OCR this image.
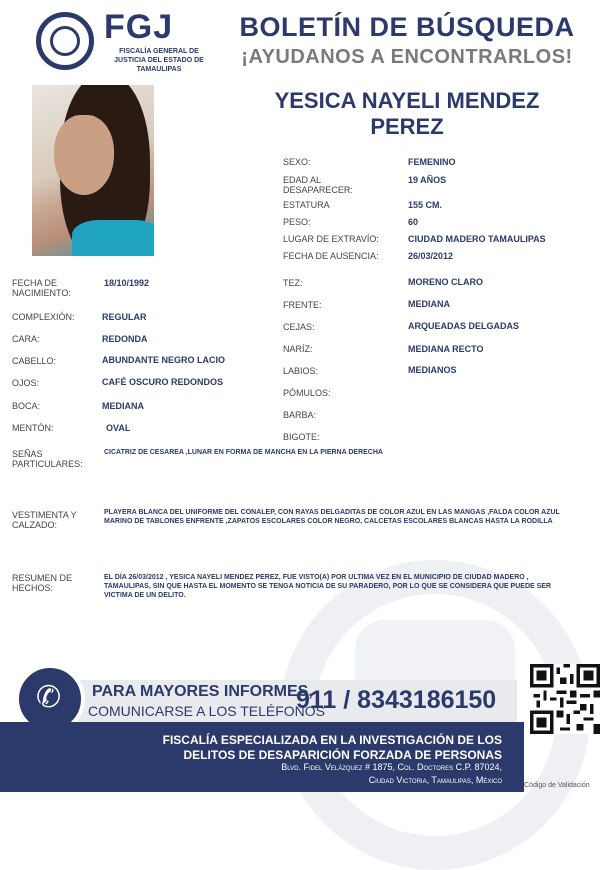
FGJ
FISCALÍA GENERAL DE JUSTICIA DEL ESTADO DE TAMAULIPAS
BOLETÍN DE BÚSQUEDA
¡AYUDANOS A ENCONTRARLOS!
YESICA NAYELI MENDEZ
PEREZ
SEXO:	FEMENINO
EDAD AL DESAPARECER:
19 AÑOS
ESTATURA	155 CM.
PESO:	60
LUGAR DE EXTRAVÍO:	CIUDAD MADERO TAMAULIPAS
FECHA DE AUSENCIA:	26/03/2012
FECHA DE NACIMIENTO:
18/10/1992
COMPLEXIÓN:	REGULAR
CARA:	REDONDA
CABELLO:	ABUNDANTE NEGRO LACIO
OJOS:	CAFÉ OSCURO REDONDOS
BOCA:	MEDIANA
MENTÓN:	OVAL
TEZ:	MORENO CLARO
FRENTE:	MEDIANA
CEJAS:	ARQUEADAS DELGADAS
NARÍZ:	MEDIANA RECTO
LABIOS:	MEDIANOS
PÓMULOS:
BARBA:
BIGOTE:
SEÑAS PARTICULARES:
CICATRIZ DE CESAREA ,LUNAR EN FORMA DE MANCHA EN LA PIERNA DERECHA
VESTIMENTA Y CALZADO:
PLAYERA BLANCA DEL UNIFORME DEL CONALEP, CON RAYAS DELGADITAS DE COLOR AZUL EN LAS MANGAS ,FALDA COLOR AZUL MARINO DE TABLONES ENFRENTE ,ZAPATOS ESCOLARES COLOR NEGRO, CALCETAS ESCOLARES BLANCAS HASTA LA RODILLA
RESUMEN DE HECHOS:
EL DÍA 26/03/2012 , YESICA NAYELI MENDEZ PEREZ, FUE VISTO(A) POR ULTIMA VEZ EN EL MUNICIPIO DE CIUDAD MADERO , TAMAULIPAS, SIN QUE HASTA EL MOMENTO SE TENGA NOTICIA DE SU PARADERO, POR LO QUE SE CONSIDERA QUE PUEDE SER VICTIMA DE UN DELITO.
✆ PARA MAYORES INFORMES,
COMUNICARSE A LOS TELÉFONOS
911 / 8343186150
FISCALÍA ESPECIALIZADA EN LA INVESTIGACIÓN DE LOS
DELITOS DE DESAPARICIÓN FORZADA DE PERSONAS
Blvd. Fidel Velázquez # 1875, Col. Doctores C.P. 87024,
Ciudad Victoria, Tamaulipas, México
Código de Validación
